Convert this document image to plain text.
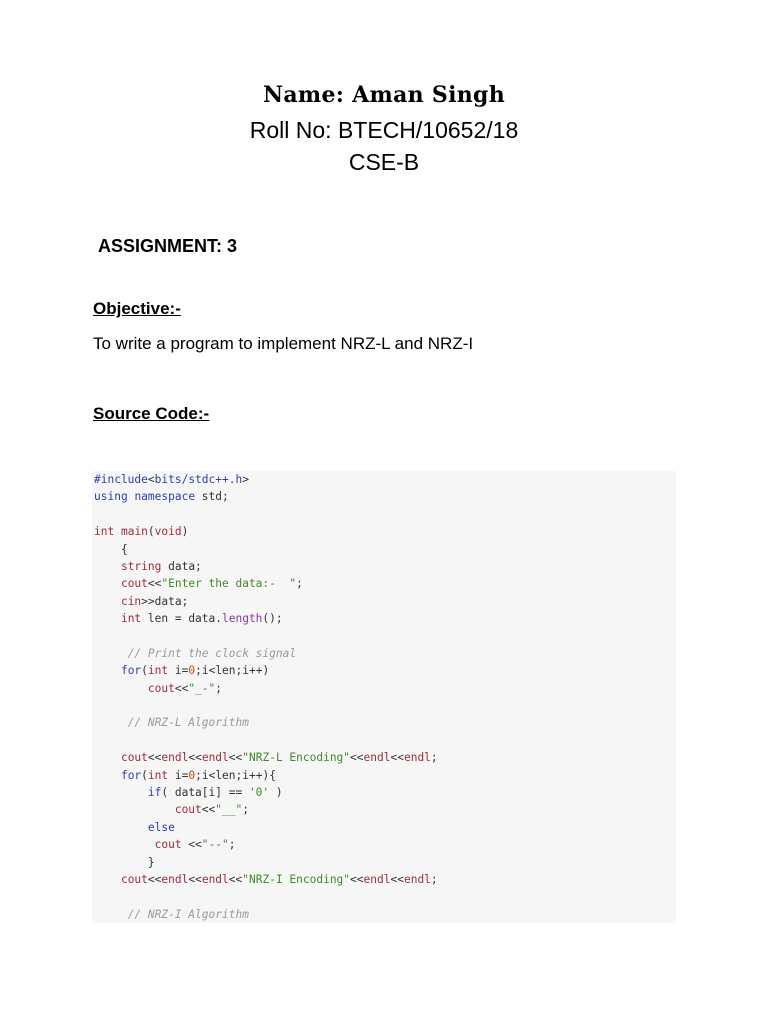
Name: Aman Singh
Roll No: BTECH/10652/18
CSE-B
ASSIGNMENT: 3
Objective:-
To write a program to implement NRZ-L and NRZ-I
Source Code:-
#include<bits/stdc++.h>
using namespace std;

int main(void)
{
string data;
cout<<"Enter the data:-  ";
cin>>data;
int len = data.length();

// Print the clock signal
for(int i=0;i<len;i++)
cout<<"_-";

// NRZ-L Algorithm

cout<<endl<<endl<<"NRZ-L Encoding"<<endl<<endl;
for(int i=0;i<len;i++){
if( data[i] == '0' )
cout<<"__";
else
cout <<"--";
}
cout<<endl<<endl<<"NRZ-I Encoding"<<endl<<endl;

// NRZ-I Algorithm
